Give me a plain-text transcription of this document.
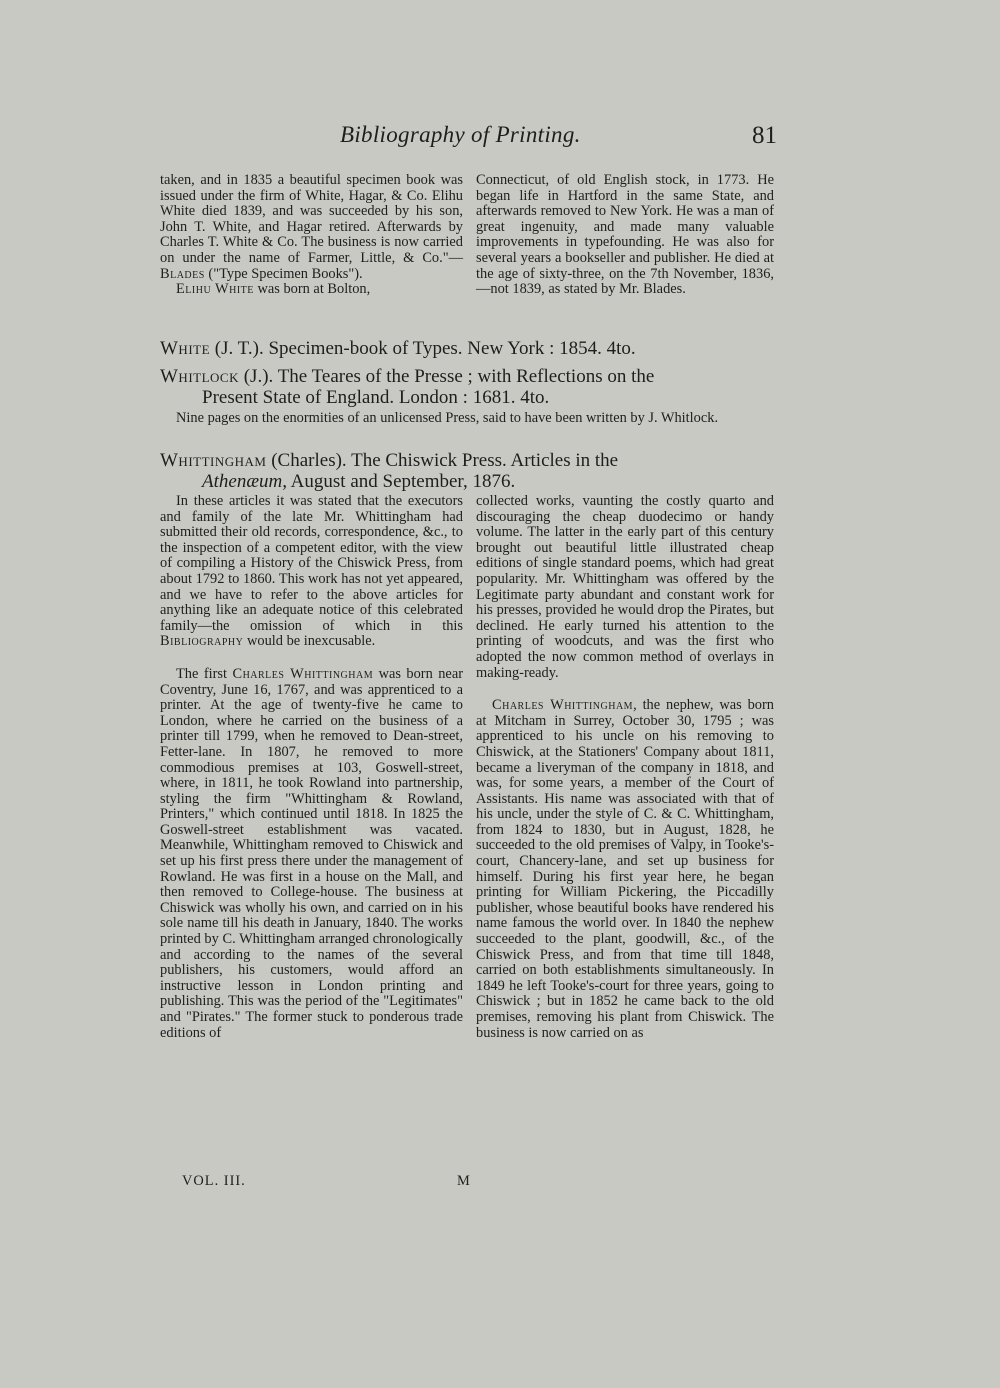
Bibliography of Printing.	81

taken, and in 1835 a beautiful specimen book was issued under the firm of White, Hagar, & Co. Elihu White died 1839, and was succeeded by his son, John T. White, and Hagar retired. Afterwards by Charles T. White & Co. The business is now carried on under the name of Farmer, Little, & Co."—Blades ("Type Specimen Books").

Elihu White was born at Bolton,

Connecticut, of old English stock, in 1773. He began life in Hartford in the same State, and afterwards removed to New York. He was a man of great ingenuity, and made many valuable improvements in typefounding. He was also for several years a bookseller and publisher. He died at the age of sixty-three, on the 7th November, 1836,—not 1839, as stated by Mr. Blades.

White (J. T.). Specimen-book of Types. New York : 1854. 4to.
Whitlock (J.). The Teares of the Presse ; with Reflections on the
Present State of England. London : 1681. 4to.
Nine pages on the enormities of an unlicensed Press, said to have been written by J. Whitlock.
Whittingham (Charles). The Chiswick Press. Articles in the
Athenæum, August and September, 1876.

In these articles it was stated that the executors and family of the late Mr. Whittingham had submitted their old records, correspondence, &c., to the inspection of a competent editor, with the view of compiling a History of the Chiswick Press, from about 1792 to 1860. This work has not yet appeared, and we have to refer to the above articles for anything like an adequate notice of this celebrated family—the omission of which in this Bibliography would be inexcusable.

The first Charles Whittingham was born near Coventry, June 16, 1767, and was apprenticed to a printer. At the age of twenty-five he came to London, where he carried on the business of a printer till 1799, when he removed to Dean-street, Fetter-lane. In 1807, he removed to more commodious premises at 103, Goswell-street, where, in 1811, he took Rowland into partnership, styling the firm "Whittingham & Rowland, Printers," which continued until 1818. In 1825 the Goswell-street establishment was vacated. Meanwhile, Whittingham removed to Chiswick and set up his first press there under the management of Rowland. He was first in a house on the Mall, and then removed to College-house. The business at Chiswick was wholly his own, and carried on in his sole name till his death in January, 1840. The works printed by C. Whittingham arranged chronologically and according to the names of the several publishers, his customers, would afford an instructive lesson in London printing and publishing. This was the period of the "Legitimates" and "Pirates." The former stuck to ponderous trade editions of

collected works, vaunting the costly quarto and discouraging the cheap duodecimo or handy volume. The latter in the early part of this century brought out beautiful little illustrated cheap editions of single standard poems, which had great popularity. Mr. Whittingham was offered by the Legitimate party abundant and constant work for his presses, provided he would drop the Pirates, but declined. He early turned his attention to the printing of woodcuts, and was the first who adopted the now common method of overlays in making-ready.

Charles Whittingham, the nephew, was born at Mitcham in Surrey, October 30, 1795 ; was apprenticed to his uncle on his removing to Chiswick, at the Stationers' Company about 1811, became a liveryman of the company in 1818, and was, for some years, a member of the Court of Assistants. His name was associated with that of his uncle, under the style of C. & C. Whittingham, from 1824 to 1830, but in August, 1828, he succeeded to the old premises of Valpy, in Tooke's-court, Chancery-lane, and set up business for himself. During his first year here, he began printing for William Pickering, the Piccadilly publisher, whose beautiful books have rendered his name famous the world over. In 1840 the nephew succeeded to the plant, goodwill, &c., of the Chiswick Press, and from that time till 1848, carried on both establishments simultaneously. In 1849 he left Tooke's-court for three years, going to Chiswick ; but in 1852 he came back to the old premises, removing his plant from Chiswick. The business is now carried on as

VOL. III.	M
